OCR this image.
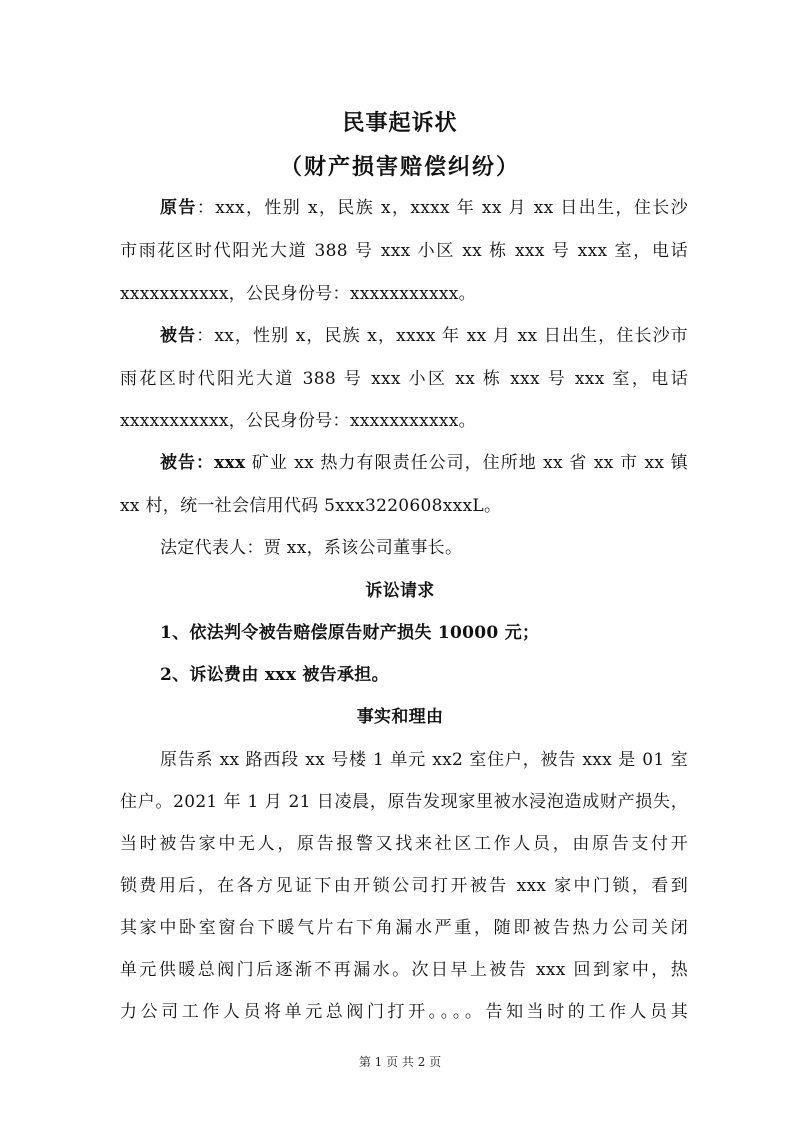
民事起诉状
（财产损害赔偿纠纷）
原告：xxx，性别 x，民族 x，xxxx 年 xx 月 xx 日出生，住长沙
市雨花区时代阳光大道 388 号 xxx 小区 xx 栋 xxx 号 xxx 室，电话
xxxxxxxxxxx，公民身份号：xxxxxxxxxxx。
被告：xx，性别 x，民族 x，xxxx 年 xx 月 xx 日出生，住长沙市
雨花区时代阳光大道 388 号 xxx 小区 xx 栋 xxx 号 xxx 室，电话
xxxxxxxxxxx，公民身份号：xxxxxxxxxxx。
被告：xxx 矿业 xx 热力有限责任公司，住所地 xx 省 xx 市 xx 镇
xx 村，统一社会信用代码 5xxx3220608xxxL。
法定代表人：贾 xx，系该公司董事长。
诉讼请求
1、依法判令被告赔偿原告财产损失 10000 元；
2、诉讼费由 xxx 被告承担。
事实和理由
原告系 xx 路西段 xx 号楼 1 单元 xx2 室住户，被告 xxx 是 01 室
住户。2021 年 1 月 21 日凌晨，原告发现家里被水浸泡造成财产损失，
当时被告家中无人，原告报警又找来社区工作人员，由原告支付开
锁费用后，在各方见证下由开锁公司打开被告 xxx 家中门锁，看到
其家中卧室窗台下暖气片右下角漏水严重，随即被告热力公司关闭
单元供暖总阀门后逐渐不再漏水。次日早上被告 xxx 回到家中，热
力公司工作人员将单元总阀门打开。。。。告知当时的工作人员其
第 1 页 共 2 页
